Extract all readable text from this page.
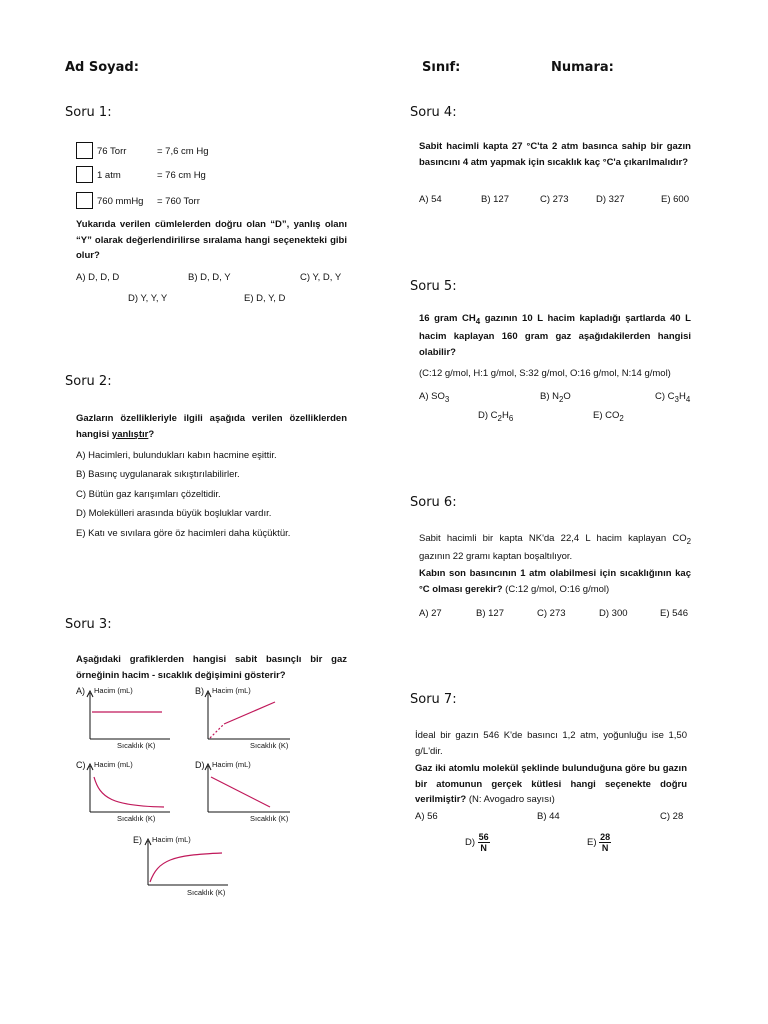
Ad Soyad:	Sınıf:	Numara:
Soru 1:
76 Torr	= 7,6 cm Hg
1 atm	= 76 cm Hg
760 mmHg = 760 Torr
Yukarıda verilen cümlelerden doğru olan “D”, yanlış olanı “Y” olarak değerlendirilirse sıralama hangi seçenekteki gibi olur?
A) D, D, D	B) D, D, Y	C) Y, D, Y
D) Y, Y, Y	E) D, Y, D
Soru 2:
Gazların özellikleriyle ilgili aşağıda verilen özelliklerden hangisi yanlıştır?
A) Hacimleri, bulundukları kabın hacmine eşittir.
B) Basınç uygulanarak sıkıştırılabilirler.
C) Bütün gaz karışımları çözeltidir.
D) Molekülleri arasında büyük boşluklar vardır.
E) Katı ve sıvılara göre öz hacimleri daha küçüktür.
Soru 3:
Aşağıdaki grafiklerden hangisi sabit basınçlı bir gaz örneğinin hacim - sıcaklık değişimini gösterir?
A) Hacim (mL)
Sıcaklık (K)
B) Hacim (mL)
Sıcaklık (K)
C) Hacim (mL)
Sıcaklık (K)
D) Hacim (mL)
Sıcaklık (K)
E) Hacim (mL)
Sıcaklık (K)
Soru 4:
Sabit hacimli kapta 27 °C'ta 2 atm basınca sahip bir gazın basıncını 4 atm yapmak için sıcaklık kaç °C'a çıkarılmalıdır?
A) 54	B) 127	C) 273	D) 327	E) 600
Soru 5:
16 gram $CH_4$ gazının 10 L hacim kapladığı şartlarda 40 L hacim kaplayan 160 gram gaz aşağıdakilerden hangisi olabilir?
(C:12 g/mol, H:1 g/mol, S:32 g/mol, O:16 g/mol, N:14 g/mol)
A) $SO_3$	B) $N_2O$	C) $C_3H_4$
D) $C_2H_6$	E) $CO_2$
Soru 6:
Sabit hacimli bir kapta NK'da 22,4 L hacim kaplayan $CO_2$ gazının 22 gramı kaptan boşaltılıyor.
Kabın son basıncının 1 atm olabilmesi için sıcaklığının kaç °C olması gerekir? (C:12 g/mol, O:16 g/mol)
A) 27	B) 127	C) 273	D) 300	E) 546
Soru 7:
İdeal bir gazın 546 K'de basıncı 1,2 atm, yoğunluğu ise 1,50 g/L'dir.
Gaz iki atomlu molekül şeklinde bulunduğuna göre bu gazın bir atomunun gerçek kütlesi hangi seçenekte doğru verilmiştir? (N: Avogadro sayısı)
A) 56	B) 44	C) 28
$D) \frac{56}{N}$	$E) \frac{28}{N}$
